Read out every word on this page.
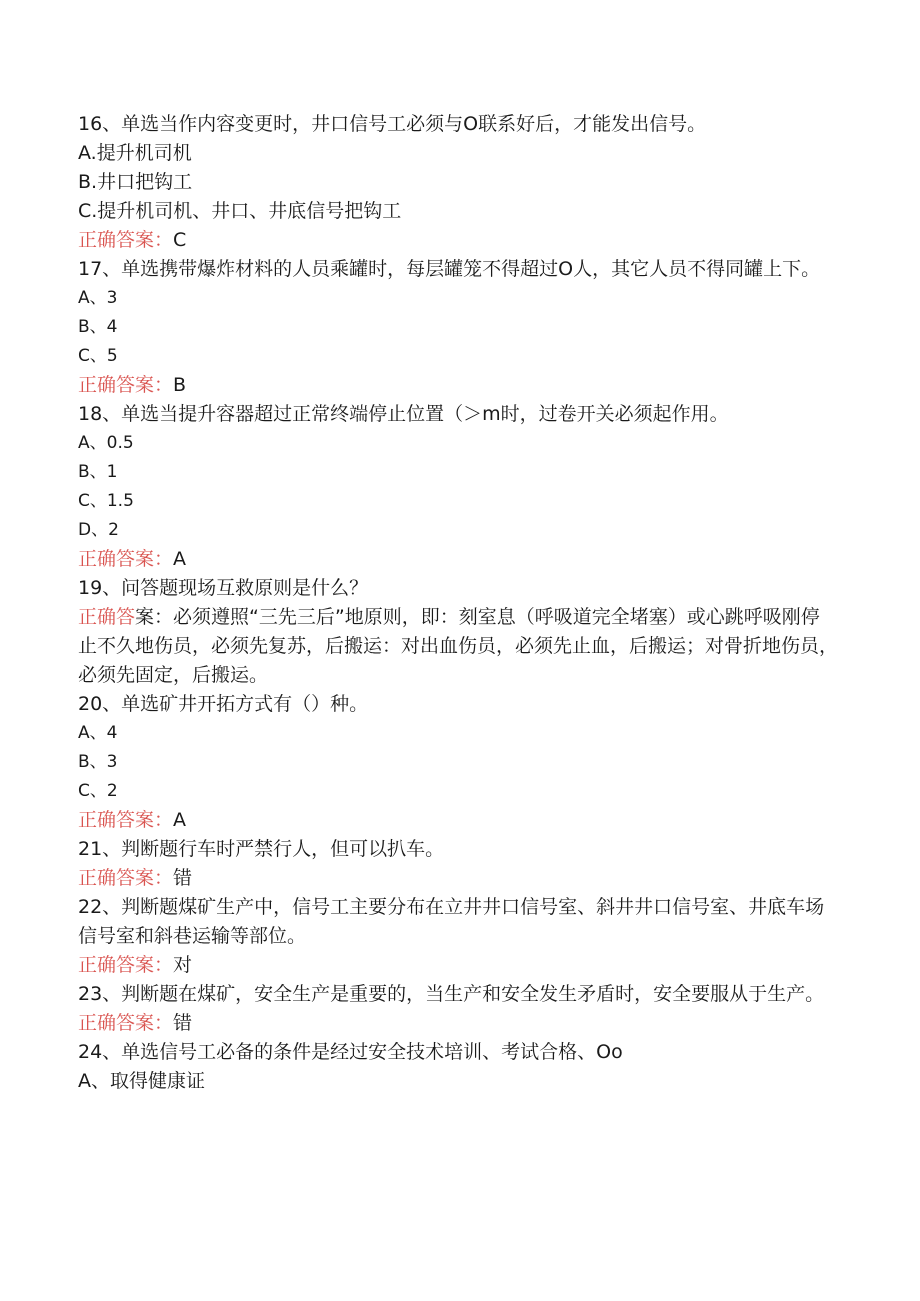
16、单选当作内容变更时，井口信号工必须与O联系好后，才能发出信号。
A.提升机司机
B.井口把钩工
C.提升机司机、井口、井底信号把钩工
正确答案：C
17、单选携带爆炸材料的人员乘罐时，每层罐笼不得超过O人，其它人员不得同罐上下。
A、3
B、4
C、5
正确答案：B
18、单选当提升容器超过正常终端停止位置（＞m时，过卷开关必须起作用。
A、0.5
B、1
C、1.5
D、2
正确答案：A
19、问答题现场互救原则是什么？
正确答案：必须遵照“三先三后”地原则，即：刻室息（呼吸道完全堵塞）或心跳呼吸刚停止不久地伤员，必须先复苏，后搬运：对出血伤员，必须先止血，后搬运；对骨折地伤员，必须先固定，后搬运。
20、单选矿井开拓方式有（）种。
A、4
B、3
C、2
正确答案：A
21、判断题行车时严禁行人，但可以扒车。
正确答案：错
22、判断题煤矿生产中，信号工主要分布在立井井口信号室、斜井井口信号室、井底车场信号室和斜巷运输等部位。
正确答案：对
23、判断题在煤矿，安全生产是重要的，当生产和安全发生矛盾时，安全要服从于生产。
正确答案：错
24、单选信号工必备的条件是经过安全技术培训、考试合格、Oo
A、取得健康证
